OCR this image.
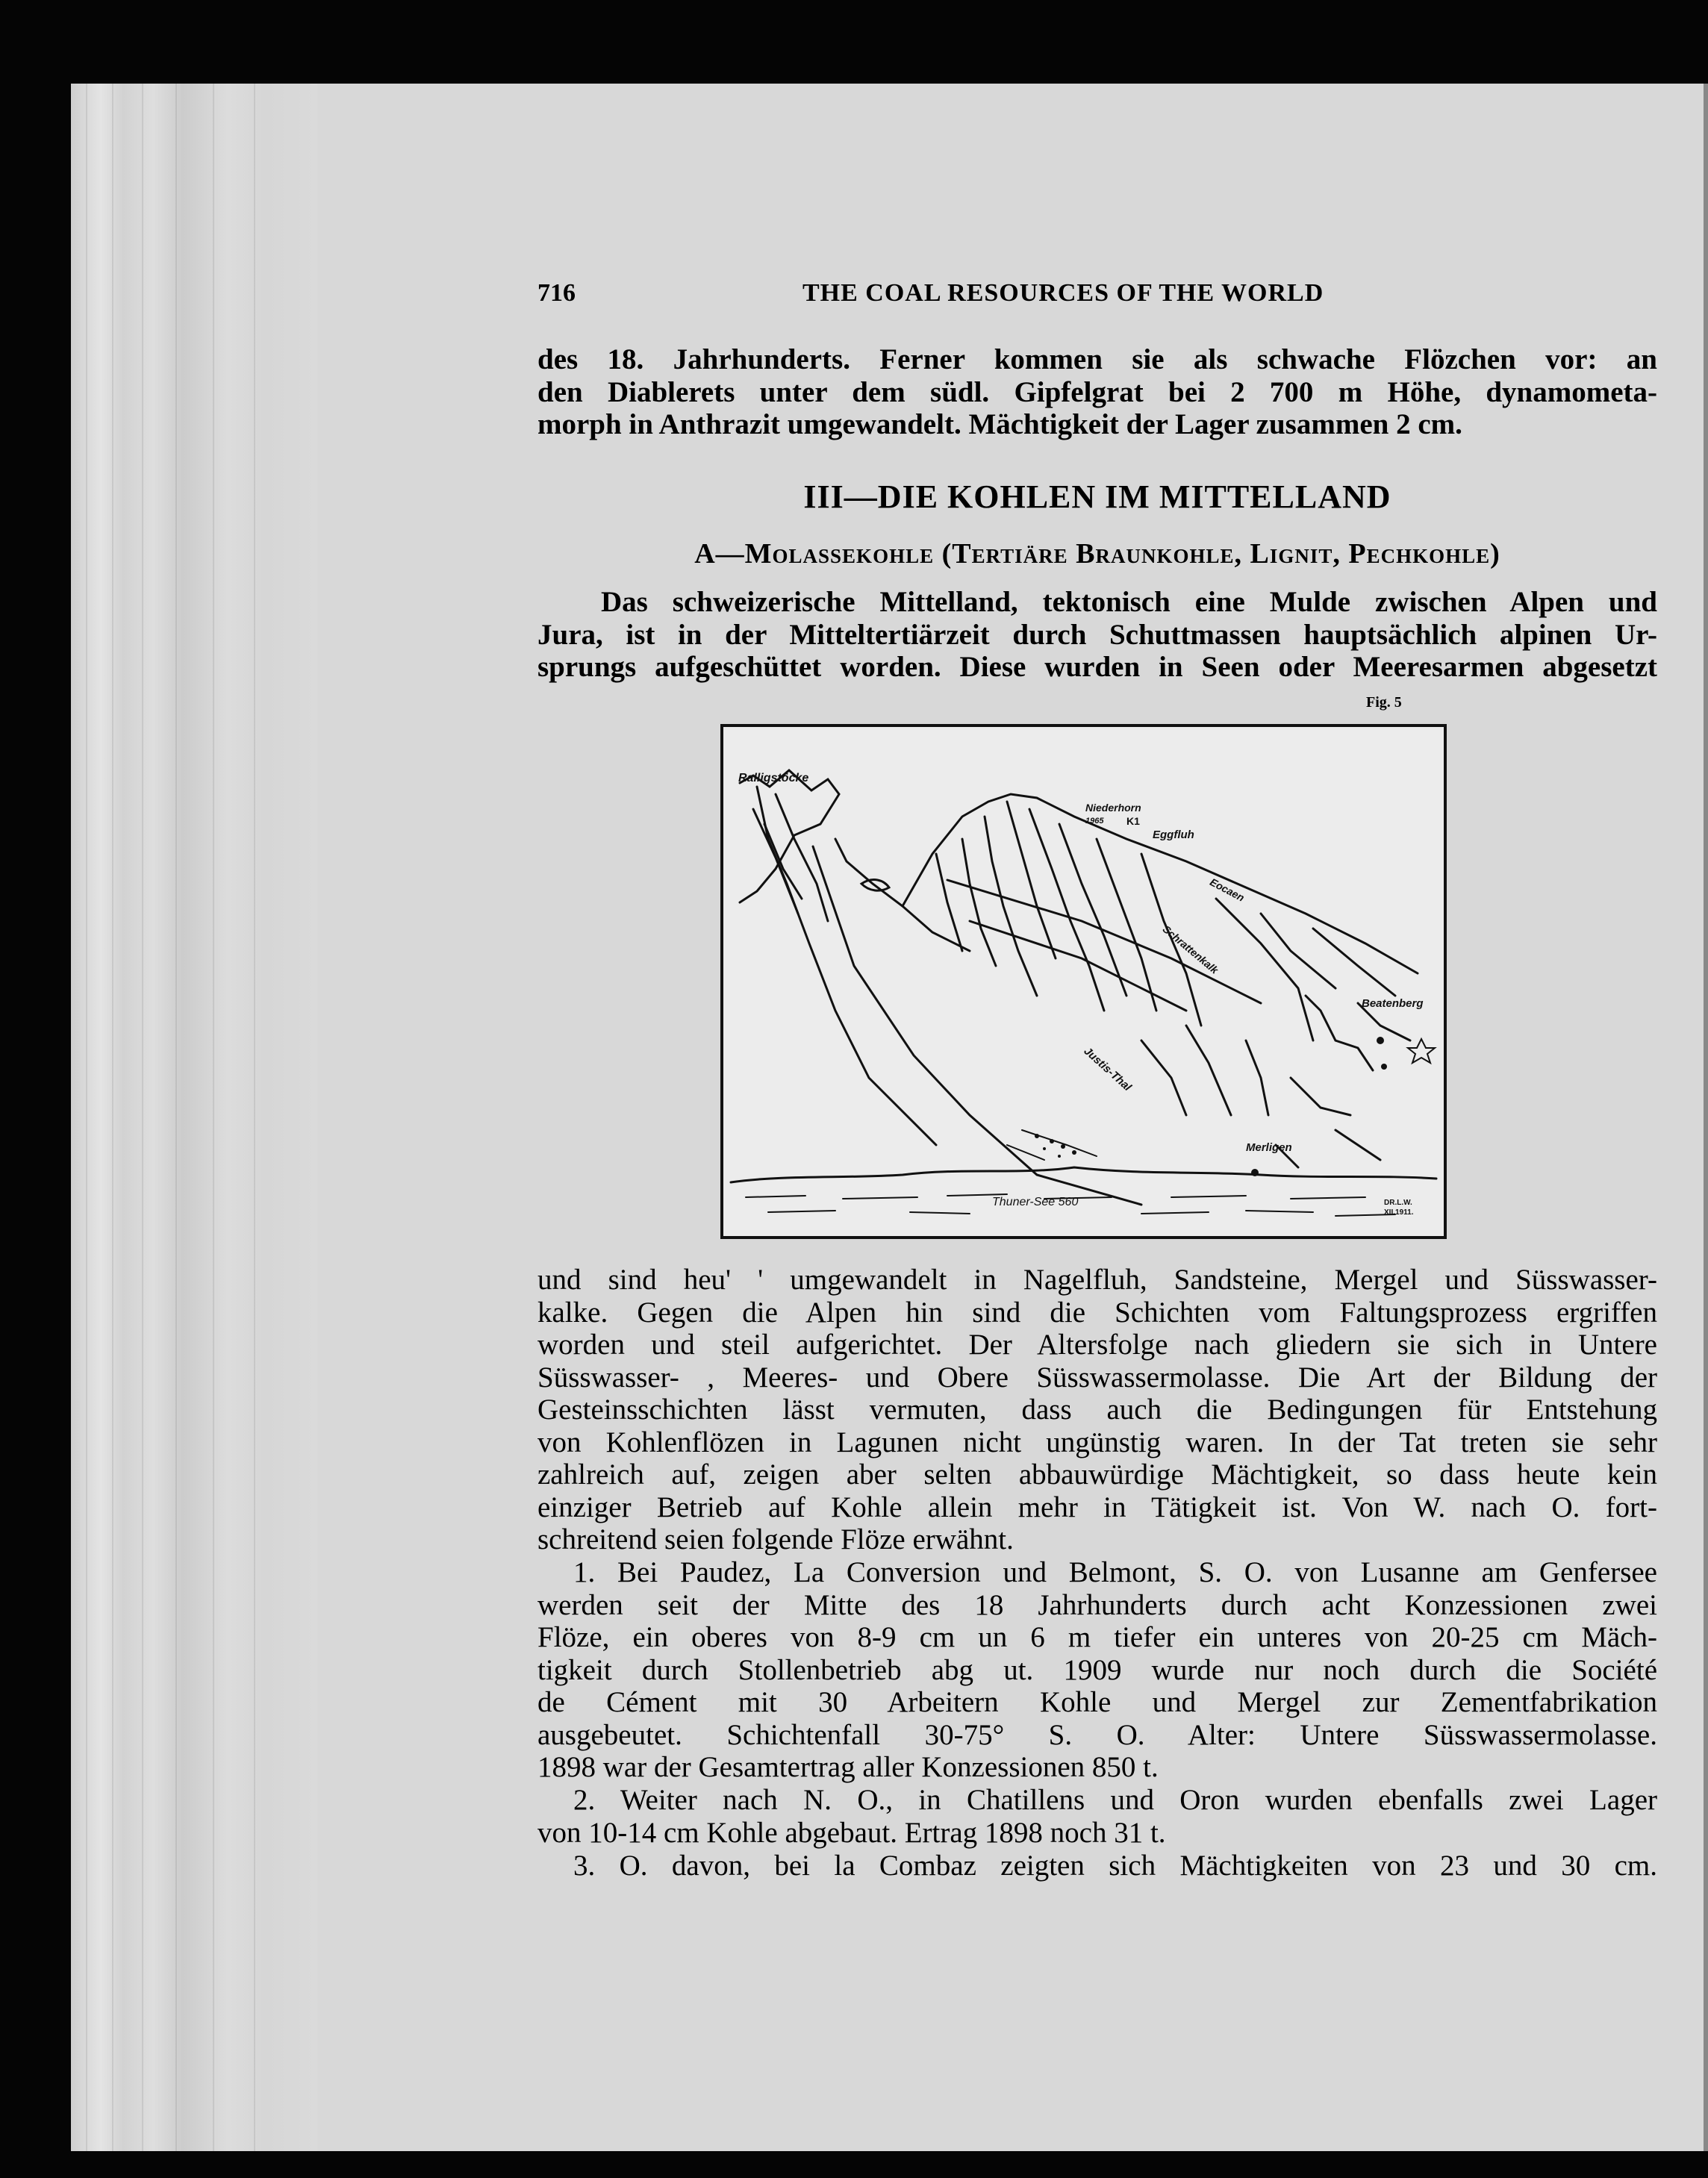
716	THE COAL RESOURCES OF THE WORLD

des 18. Jahrhunderts. Ferner kommen sie als schwache Flözchen vor: an
den Diablerets unter dem südl. Gipfelgrat bei 2 700 m Höhe, dynamometa-
morph in Anthrazit umgewandelt. Mächtigkeit der Lager zusammen 2 cm.

III—DIE KOHLEN IM MITTELLAND
A—Molassekohle (Tertiäre Braunkohle, Lignit, Pechkohle)

Das schweizerische Mittelland, tektonisch eine Mulde zwischen Alpen und
Jura, ist in der Mitteltertiärzeit durch Schuttmassen hauptsächlich alpinen Ur-
sprungs aufgeschüttet worden. Diese wurden in Seen oder Meeresarmen abgesetzt

Fig. 5
Ralligstöcke
Niederhorn
1965 K1
Eggfluh
Eocaen
Schrattenkalk
Beatenberg
Justis-Thal
Merligen
Thuner-See 560	DR.L.W.
XII.1911.

und sind heu' ' umgewandelt in Nagelfluh, Sandsteine, Mergel und Süsswasser-
kalke. Gegen die Alpen hin sind die Schichten vom Faltungsprozess ergriffen
worden und steil aufgerichtet. Der Altersfolge nach gliedern sie sich in Untere
Süsswasser- , Meeres- und Obere Süsswassermolasse. Die Art der Bildung der
Gesteinsschichten lässt vermuten, dass auch die Bedingungen für Entstehung
von Kohlenflözen in Lagunen nicht ungünstig waren. In der Tat treten sie sehr
zahlreich auf, zeigen aber selten abbauwürdige Mächtigkeit, so dass heute kein
einziger Betrieb auf Kohle allein mehr in Tätigkeit ist. Von W. nach O. fort-
schreitend seien folgende Flöze erwähnt.

1. Bei Paudez, La Conversion und Belmont, S. O. von Lusanne am Genfersee
werden seit der Mitte des 18 Jahrhunderts durch acht Konzessionen zwei
Flöze, ein oberes von 8-9 cm un 6 m tiefer ein unteres von 20-25 cm Mäch-
tigkeit durch Stollenbetrieb abg ut. 1909 wurde nur noch durch die Société
de Cément mit 30 Arbeitern Kohle und Mergel zur Zementfabrikation
ausgebeutet. Schichtenfall 30-75° S. O. Alter: Untere Süsswassermolasse.
1898 war der Gesamtertrag aller Konzessionen 850 t.

2. Weiter nach N. O., in Chatillens und Oron wurden ebenfalls zwei Lager
von 10-14 cm Kohle abgebaut. Ertrag 1898 noch 31 t.

3. O. davon, bei la Combaz zeigten sich Mächtigkeiten von 23 und 30 cm.
